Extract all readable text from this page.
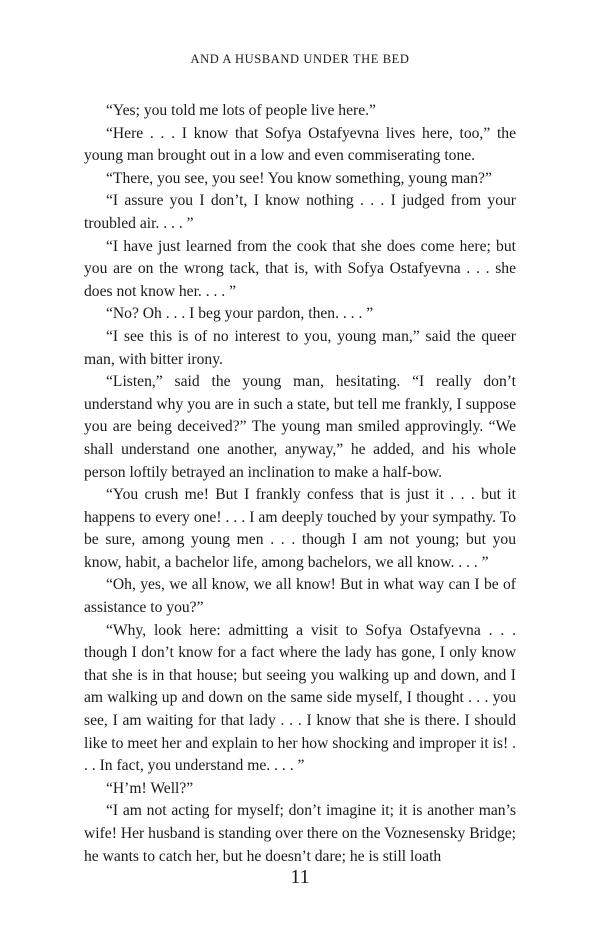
AND A HUSBAND UNDER THE BED

“Yes; you told me lots of people live here.”

“Here . . . I know that Sofya Ostafyevna lives here, too,” the young man brought out in a low and even commiserating tone.

“There, you see, you see! You know something, young man?”

“I assure you I don’t, I know nothing . . . I judged from your troubled air. . . . ”

“I have just learned from the cook that she does come here; but you are on the wrong tack, that is, with Sofya Ostafyevna . . . she does not know her. . . . ”

“No? Oh . . . I beg your pardon, then. . . . ”

“I see this is of no interest to you, young man,” said the queer man, with bitter irony.

“Listen,” said the young man, hesitating. “I really don’t understand why you are in such a state, but tell me frankly, I suppose you are being deceived?” The young man smiled approvingly. “We shall understand one another, anyway,” he added, and his whole person loftily betrayed an inclination to make a half-bow.

“You crush me! But I frankly confess that is just it . . . but it happens to every one! . . . I am deeply touched by your sympathy. To be sure, among young men . . . though I am not young; but you know, habit, a bachelor life, among bachelors, we all know. . . . ”

“Oh, yes, we all know, we all know! But in what way can I be of assistance to you?”

“Why, look here: admitting a visit to Sofya Ostafyevna . . . though I don’t know for a fact where the lady has gone, I only know that she is in that house; but seeing you walking up and down, and I am walking up and down on the same side myself, I thought . . . you see, I am waiting for that lady . . . I know that she is there. I should like to meet her and explain to her how shocking and improper it is! . . . In fact, you understand me. . . . ”

“H’m! Well?”

“I am not acting for myself; don’t imagine it; it is another man’s wife! Her husband is standing over there on the Voznesensky Bridge; he wants to catch her, but he doesn’t dare; he is still loath

11
